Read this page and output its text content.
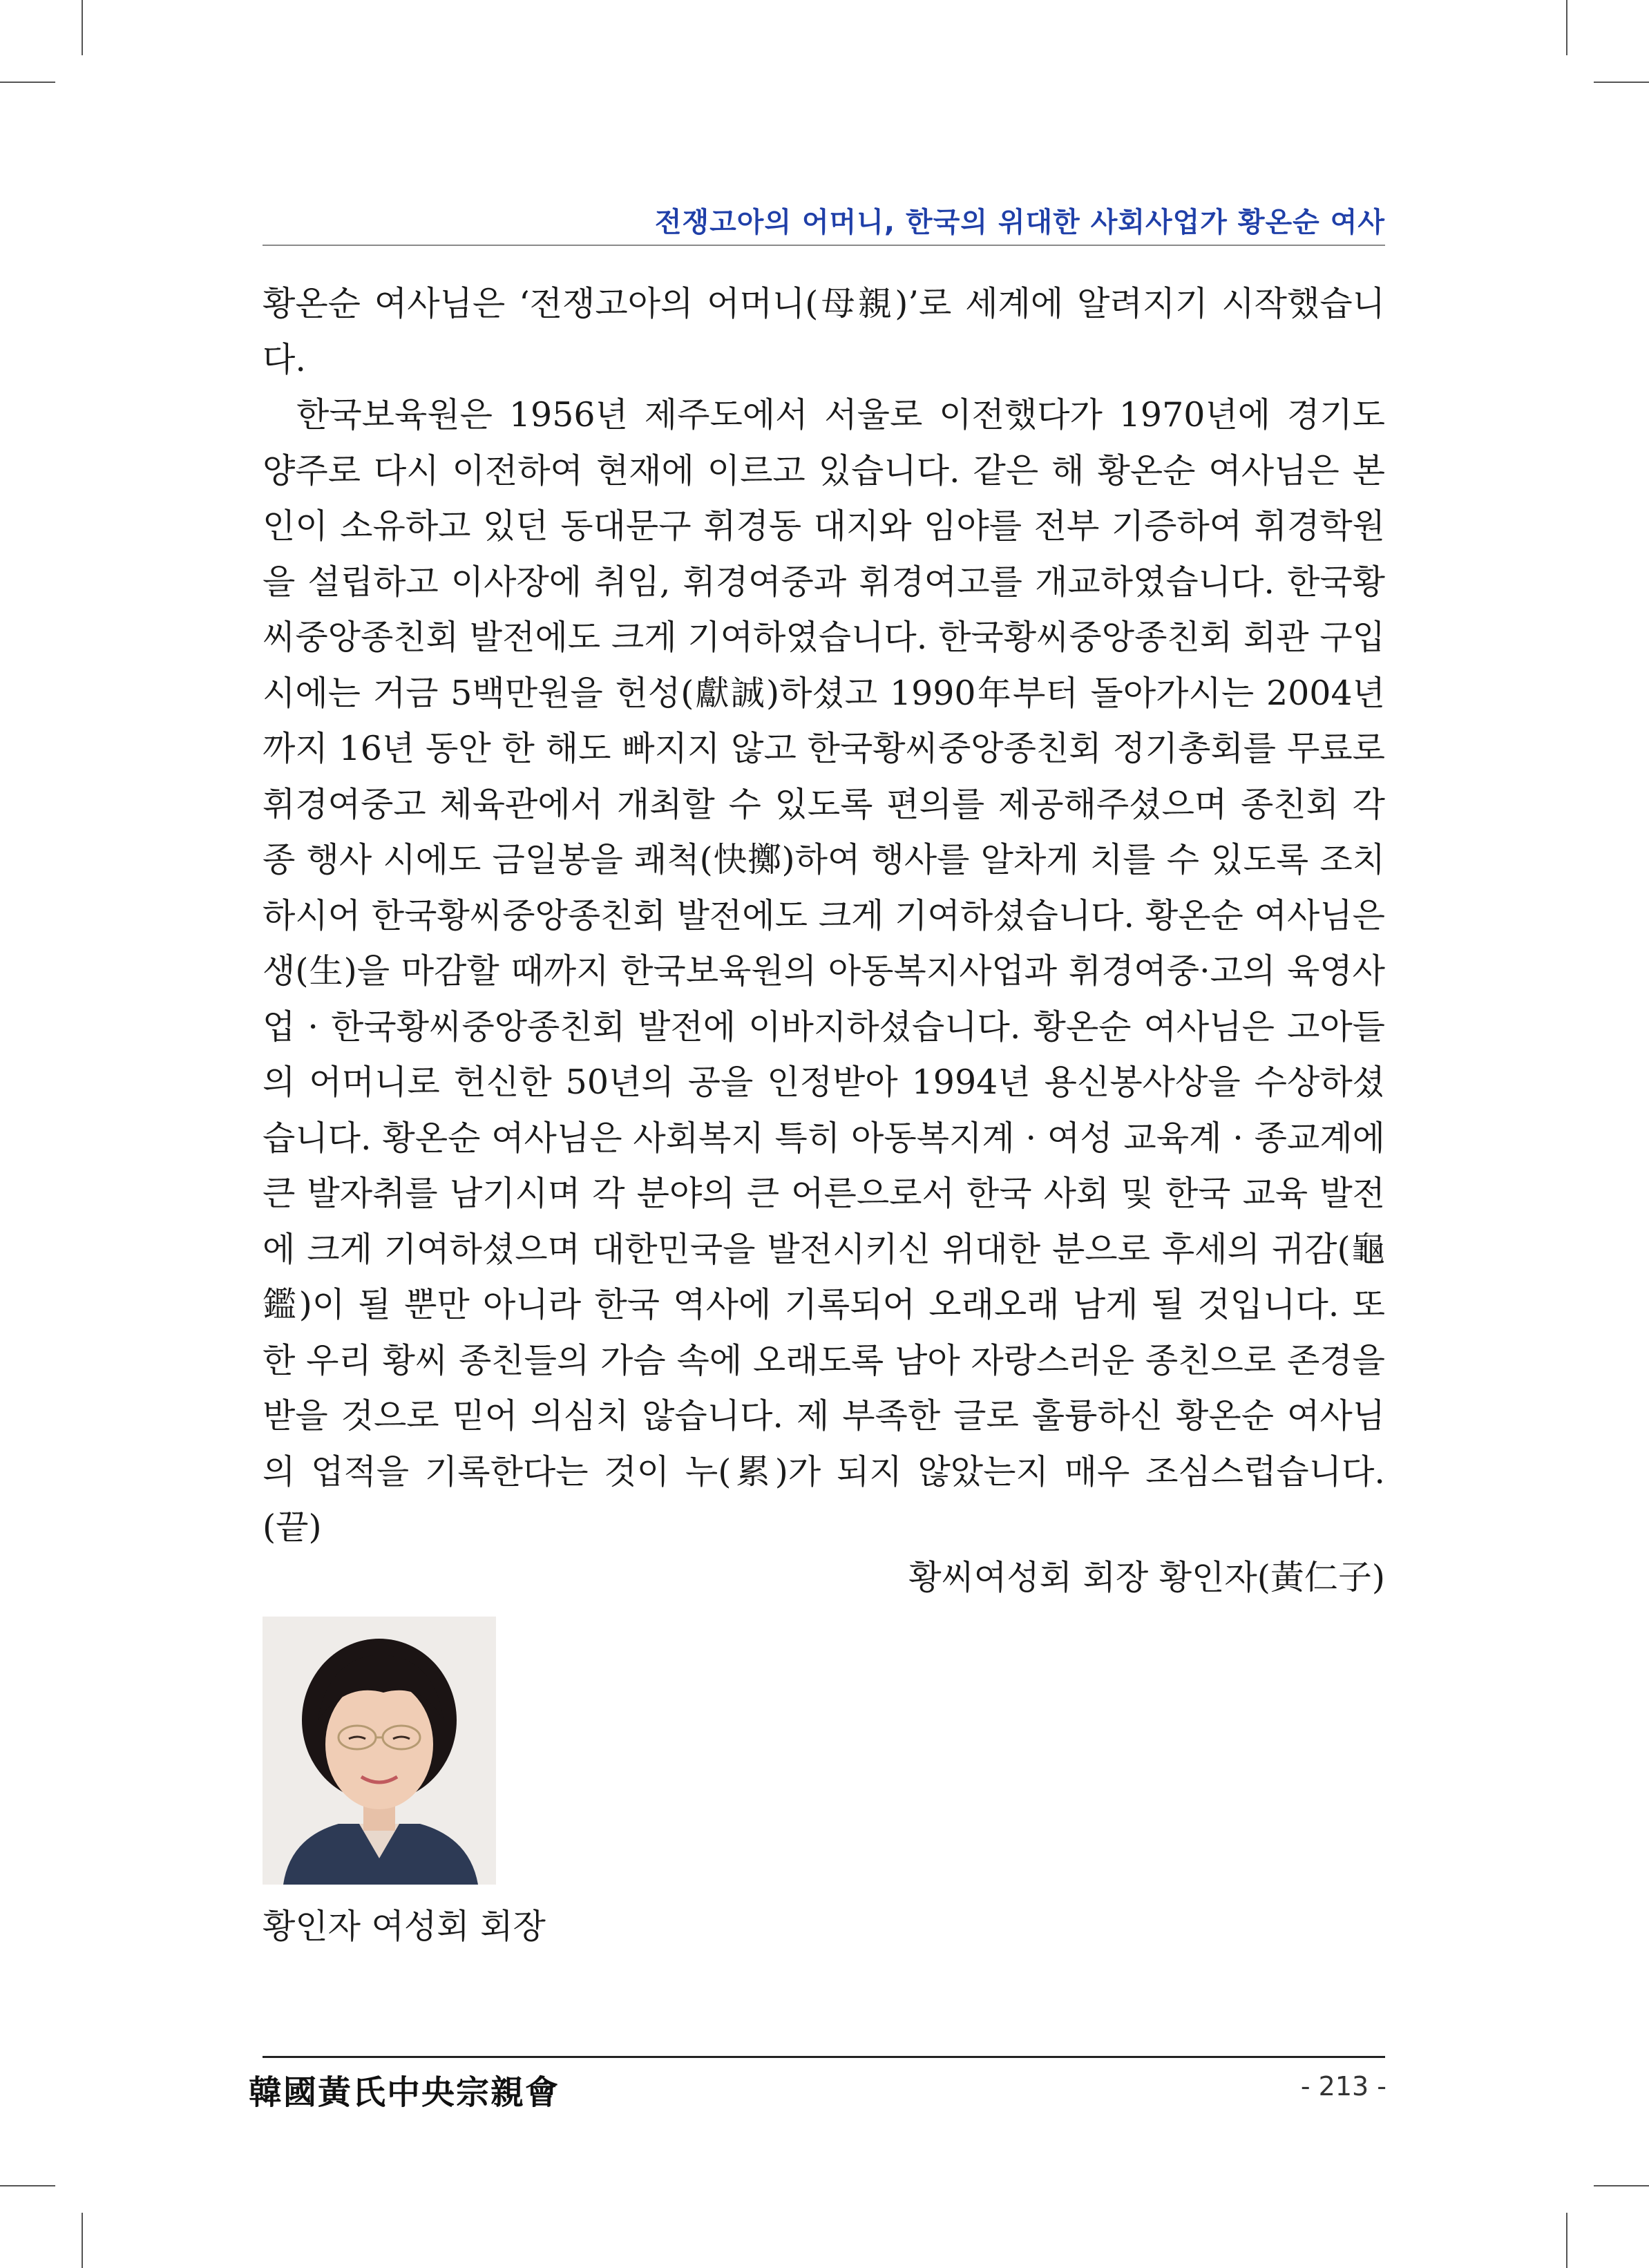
전쟁고아의 어머니, 한국의 위대한 사회사업가 황온순 여사

황온순 여사님은 ‘전쟁고아의 어머니(母親)’로 세계에 알려지기 시작했습니다.

한국보육원은 1956년 제주도에서 서울로 이전했다가 1970년에 경기도 양주로 다시 이전하여 현재에 이르고 있습니다. 같은 해 황온순 여사님은 본인이 소유하고 있던 동대문구 휘경동 대지와 임야를 전부 기증하여 휘경학원을 설립하고 이사장에 취임, 휘경여중과 휘경여고를 개교하였습니다. 한국황씨중앙종친회 발전에도 크게 기여하였습니다. 한국황씨중앙종친회 회관 구입 시에는 거금 5백만원을 헌성(獻誠)하셨고 1990年부터 돌아가시는 2004년까지 16년 동안 한 해도 빠지지 않고 한국황씨중앙종친회 정기총회를 무료로 휘경여중고 체육관에서 개최할 수 있도록 편의를 제공해주셨으며 종친회 각종 행사 시에도 금일봉을 쾌척(快擲)하여 행사를 알차게 치를 수 있도록 조치하시어 한국황씨중앙종친회 발전에도 크게 기여하셨습니다. 황온순 여사님은 생(生)을 마감할 때까지 한국보육원의 아동복지사업과 휘경여중·고의 육영사업 · 한국황씨중앙종친회 발전에 이바지하셨습니다. 황온순 여사님은 고아들의 어머니로 헌신한 50년의 공을 인정받아 1994년 용신봉사상을 수상하셨습니다. 황온순 여사님은 사회복지 특히 아동복지계 · 여성 교육계 · 종교계에 큰 발자취를 남기시며 각 분야의 큰 어른으로서 한국 사회 및 한국 교육 발전에 크게 기여하셨으며 대한민국을 발전시키신 위대한 분으로 후세의 귀감(龜鑑)이 될 뿐만 아니라 한국 역사에 기록되어 오래오래 남게 될 것입니다. 또한 우리 황씨 종친들의 가슴 속에 오래도록 남아 자랑스러운 종친으로 존경을 받을 것으로 믿어 의심치 않습니다. 제 부족한 글로 훌륭하신 황온순 여사님의 업적을 기록한다는 것이 누(累)가 되지 않았는지 매우 조심스럽습니다.(끝)

황씨여성회 회장 황인자(黃仁子)
황인자 여성회 회장
韓國黃氏中央宗親會	- 213 -
